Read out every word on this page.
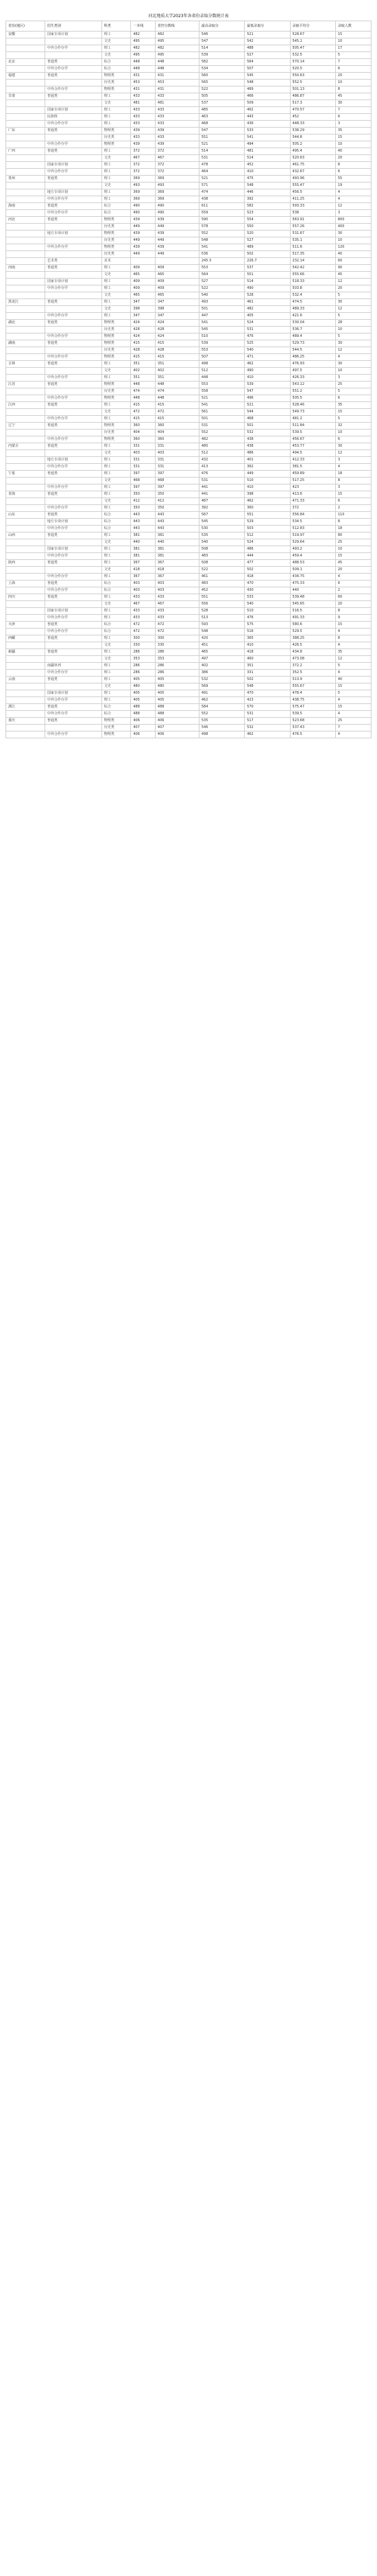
河北地质大学2023年各省份录取分数统计表
省份(地区)	招生类别	科类	一本线	省控分数线	最高录取分	最低录取分	录取平均分	录取人数
安徽	国家专项计划	理工	482	482	546	521	528.67	15
		文史	495	495	547	542	545.1	10
	中外合作办学	理工	482	482	514	488	505.47	17
		文史	495	495	539	527	532.5	5
北京	普通类	综合	448	448	582	564	570.14	7
	中外合作办学	综合	448	448	534	507	520.5	6
福建	普通类	物理类	431	431	560	545	550.63	20
		历史类	453	453	565	548	552.5	10
	中外合作办学	物理类	431	431	522	489	501.13	8
甘肃	普通类	理工	433	433	505	466	486.87	45
		文史	481	481	537	509	517.3	30
	国家专项计划	理工	433	433	485	462	470.57	7
	民族班	理工	433	433	463	443	452	6
	中外合作办学	理工	433	433	468	436	448.33	3
广东	普通类	物理类	439	439	547	533	538.29	35
		历史类	433	433	551	541	544.8	15
	中外合作办学	物理类	439	439	521	494	505.2	10
广西	普通类	理工	372	372	514	481	495.4	40
		文史	467	467	531	514	520.63	20
	国家专项计划	理工	372	372	478	452	461.75	8
	中外合作办学	理工	372	372	464	410	432.67	6
贵州	普通类	理工	369	369	521	475	493.96	55
		文史	493	493	571	548	555.47	19
	地方专项计划	理工	369	369	474	446	456.5	4
	中外合作办学	理工	369	369	438	392	411.25	4
海南	普通类	综合	490	490	611	582	593.33	12
	中外合作办学	综合	490	490	559	523	538	3
河北	普通类	物理类	439	439	590	554	563.91	800
		历史类	449	449	578	550	557.26	400
	地方专项计划	物理类	439	439	552	520	531.67	30
		历史类	449	449	548	527	535.1	10
	中外合作办学	物理类	439	439	541	489	511.6	120
		历史类	449	449	536	502	517.35	40
	艺术类	美术			245.3	226.7	232.14	60
河南	普通类	理工	409	409	553	537	542.42	90
		文史	465	465	564	551	555.66	45
	国家专项计划	理工	409	409	527	514	518.33	12
	中外合作办学	理工	409	409	522	490	503.8	20
		文史	465	465	540	528	532.4	5
黑龙江	普通类	理工	347	347	493	461	474.5	30
		文史	398	398	501	482	489.33	12
	中外合作办学	理工	347	347	447	405	421.6	5
湖北	普通类	物理类	424	424	541	524	530.04	28
		历史类	428	428	545	531	536.7	10
	中外合作办学	物理类	424	424	510	476	489.4	5
湖南	普通类	物理类	415	415	539	525	529.73	30
		历史类	428	428	553	540	544.5	12
	中外合作办学	物理类	415	415	507	471	486.25	4
吉林	普通类	理工	351	351	498	462	476.93	30
		文史	402	402	512	490	497.5	10
	中外合作办学	理工	351	351	448	410	426.33	3
江苏	普通类	物理类	448	448	553	539	543.12	25
		历史类	474	474	558	547	551.2	5
	中外合作办学	物理类	448	448	521	496	505.5	6
江西	普通类	理工	415	415	541	521	528.46	35
		文史	472	472	561	544	549.73	15
	中外合作办学	理工	415	415	501	468	481.2	5
辽宁	普通类	物理类	360	360	531	501	511.84	32
		历史类	404	404	552	532	539.5	10
	中外合作办学	物理类	360	360	482	438	456.67	6
内蒙古	普通类	理工	331	331	480	438	453.77	30
		文史	403	403	512	486	494.5	12
	地方专项计划	理工	331	331	432	401	412.33	3
	中外合作办学	理工	331	331	413	362	381.5	4
宁夏	普通类	理工	397	397	476	449	459.89	18
		文史	468	468	531	510	517.25	8
	中外合作办学	理工	397	397	441	410	423	3
青海	普通类	理工	350	350	441	398	413.6	15
		文史	412	412	487	462	471.33	6
	中外合作办学	理工	350	350	392	360	372	2
山东	普通类	综合	443	443	567	551	556.84	110
	地方专项计划	综合	443	443	545	529	534.5	8
	中外合作办学	综合	443	443	530	503	512.83	18
山西	普通类	理工	381	381	535	512	519.97	80
		文史	440	440	540	524	529.64	25
	国家专项计划	理工	381	381	508	486	493.2	10
	中外合作办学	理工	381	381	483	444	459.4	15
陕西	普通类	理工	367	367	508	477	488.53	45
		文史	418	418	522	502	509.1	20
	中外合作办学	理工	367	367	461	418	434.75	4
上海	普通类	综合	403	403	483	470	475.33	6
	中外合作办学	综合	403	403	452	430	440	2
四川	普通类	理工	433	433	551	533	539.48	60
		文史	467	467	556	540	545.65	20
	国家专项计划	理工	433	433	528	510	516.5	8
	中外合作办学	理工	433	433	513	476	491.33	9
天津	普通类	综合	472	472	593	575	580.6	15
	中外合作办学	综合	472	472	548	516	529.5	4
西藏	普通类	理工	300	300	420	365	388.25	8
		文史	330	330	451	410	426.5	4
新疆	普通类	理工	286	286	465	418	434.8	35
		文史	353	353	497	460	473.08	12
	南疆单列	理工	286	286	402	351	372.2	5
	中外合作办学	理工	286	286	386	331	352.5	4
云南	普通类	理工	405	405	532	502	513.9	40
		文史	480	480	569	548	555.67	15
	国家专项计划	理工	405	405	491	470	478.4	5
	中外合作办学	理工	405	405	462	423	438.75	4
浙江	普通类	综合	488	488	584	570	575.47	15
	中外合作办学	综合	488	488	552	531	539.5	4
重庆	普通类	物理类	406	406	535	517	523.68	25
		历史类	407	407	546	532	537.43	7
	中外合作办学	物理类	406	406	498	462	476.5	4
